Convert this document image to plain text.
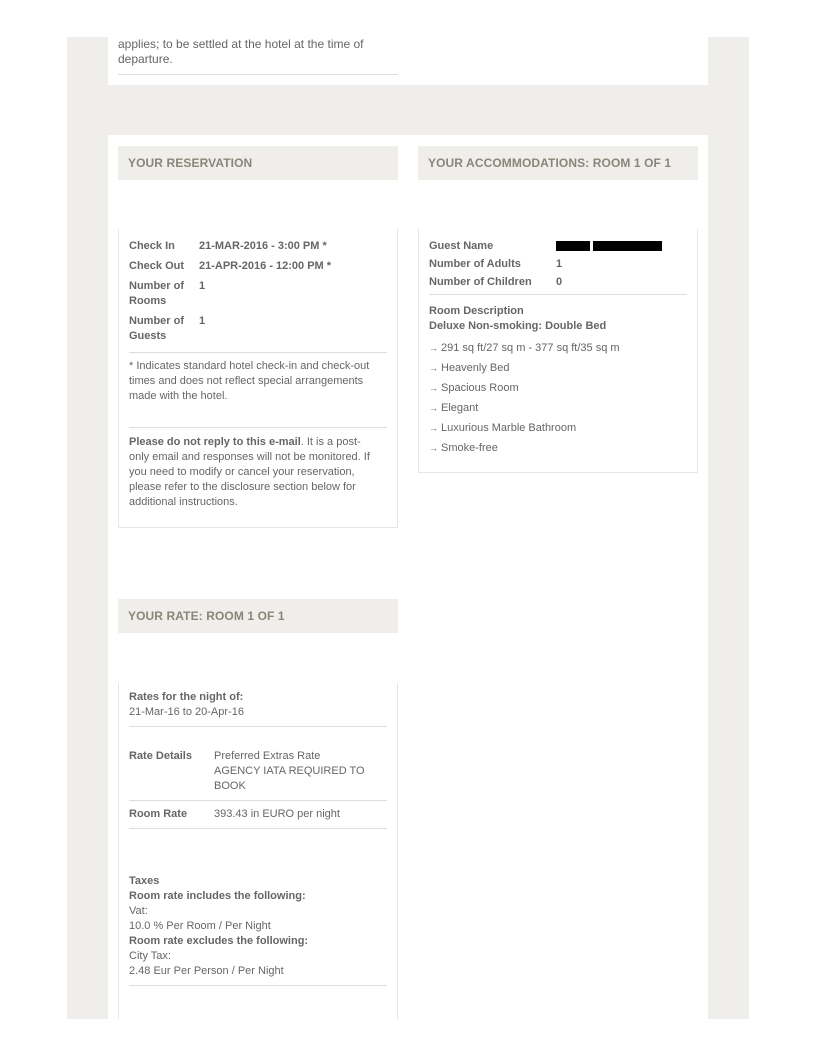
applies; to be settled at the hotel at the time of
departure.
YOUR RESERVATION
Check In 21-MAR-2016 - 3:00 PM *
Check Out 21-APR-2016 - 12:00 PM *
Number of
Rooms
1
Number of
Guests
1
* Indicates standard hotel check-in and check-out
times and does not reflect special arrangements
made with the hotel.
Please do not reply to this e-mail. It is a post-
only email and responses will not be monitored. If
you need to modify or cancel your reservation,
please refer to the disclosure section below for
additional instructions.
YOUR ACCOMMODATIONS: ROOM 1 OF 1
Guest Name
Number of Adults	1
Number of Children 0
Room Description
Deluxe Non-smoking: Double Bed
→ 291 sq ft/27 sq m - 377 sq ft/35 sq m
→ Heavenly Bed
→ Spacious Room
→ Elegant
→ Luxurious Marble Bathroom
→ Smoke-free
YOUR RATE: ROOM 1 OF 1
Rates for the night of:
21-Mar-16 to 20-Apr-16
Rate Details Preferred Extras Rate
AGENCY IATA REQUIRED TO
BOOK
Room Rate 393.43 in EURO per night
Taxes
Room rate includes the following:
Vat:
10.0 % Per Room / Per Night
Room rate excludes the following:
City Tax:
2.48 Eur Per Person / Per Night
